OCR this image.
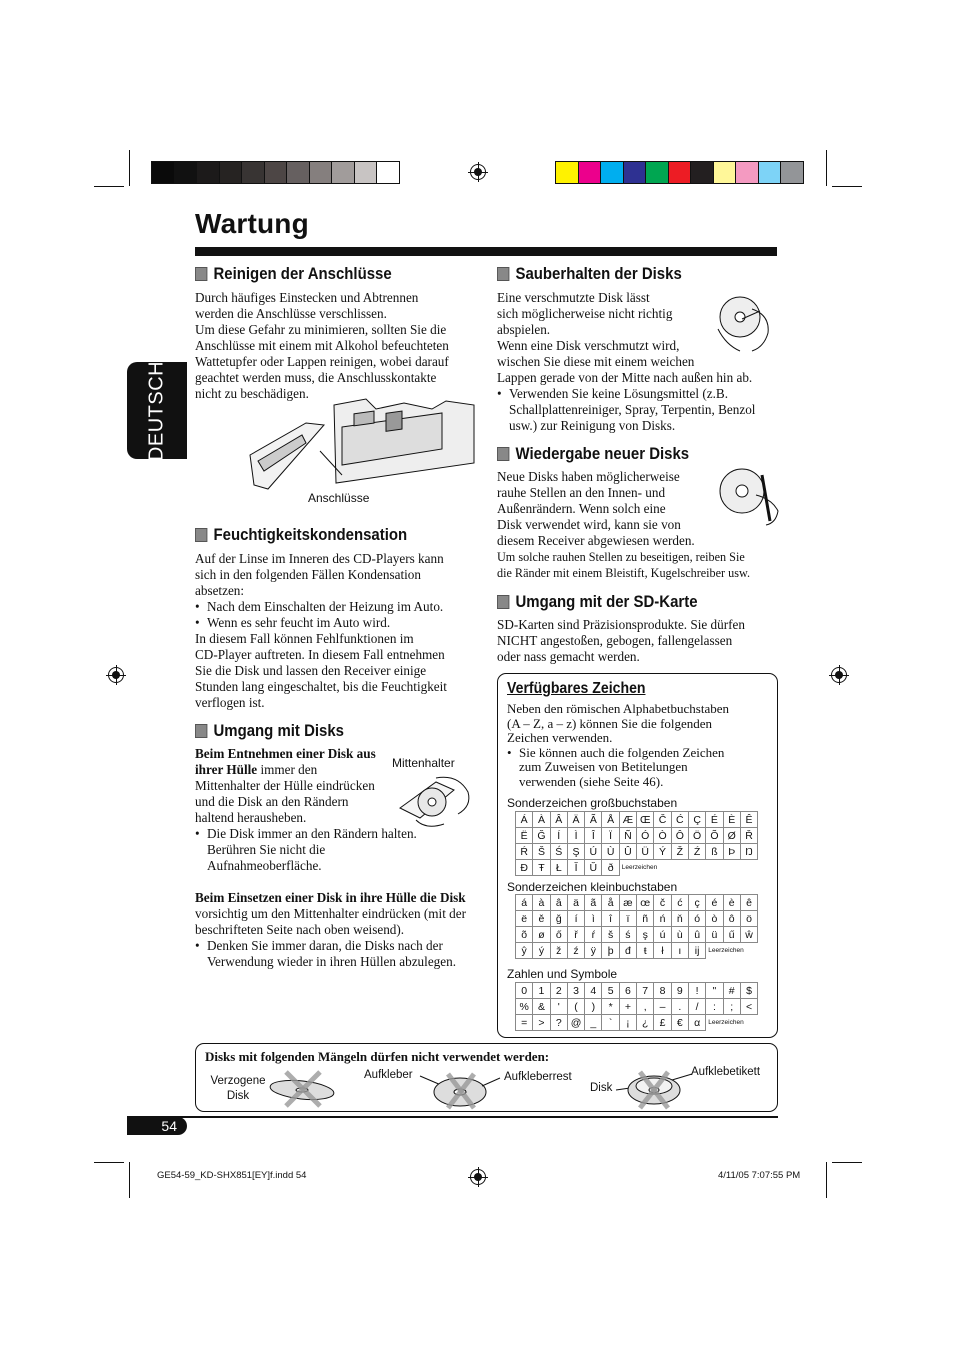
Wartung
DEUTSCH
Reinigen der Anschlüsse

Durch häufiges Einstecken und Abtrennen

werden die Anschlüsse verschlissen.

Um diese Gefahr zu minimieren, sollten Sie die

Anschlüsse mit einem mit Alkohol befeuchteten

Wattetupfer oder Lappen reinigen, wobei darauf

geachtet werden muss, die Anschlusskontakte

nicht zu beschädigen.

Anschlüsse
Feuchtigkeitskondensation

Auf der Linse im Inneren des CD-Players kann

sich in den folgenden Fällen Kondensation

absetzen:

• Nach dem Einschalten der Heizung im Auto.
• Wenn es sehr feucht im Auto wird.

In diesem Fall können Fehlfunktionen im

CD-Player auftreten. In diesem Fall entnehmen

Sie die Disk und lassen den Receiver einige

Stunden lang eingeschaltet, bis die Feuchtigkeit

verflogen ist.

Umgang mit Disks
Mittenhalter

Beim Entnehmen einer Disk aus ihrer Hülle immer den Mittenhalter der Hülle eindrücken und die Disk an den Rändern haltend herausheben.

• Die Disk immer an den Rändern halten. Berühren Sie nicht die Aufnahmeoberfläche.

Beim Einsetzen einer Disk in ihre Hülle die Disk vorsichtig um den Mittenhalter eindrücken (mit der beschrifteten Seite nach oben weisend).

• Denken Sie immer daran, die Disks nach der Verwendung wieder in ihren Hüllen abzulegen.
Sauberhalten der Disks

Eine verschmutzte Disk lässt

sich möglicherweise nicht richtig

abspielen.

Wenn eine Disk verschmutzt wird,

wischen Sie diese mit einem weichen

Lappen gerade von der Mitte nach außen hin ab.

• Verwenden Sie keine Lösungsmittel (z.B. Schallplattenreiniger, Spray, Terpentin, Benzol usw.) zur Reinigung von Disks.
Wiedergabe neuer Disks

Neue Disks haben möglicherweise

rauhe Stellen an den Innen- und

Außenrändern. Wenn solch eine

Disk verwendet wird, kann sie von

diesem Receiver abgewiesen werden.

Um solche rauhen Stellen zu beseitigen, reiben Sie

die Ränder mit einem Bleistift, Kugelschreiber usw.

Umgang mit der SD-Karte

SD-Karten sind Präzisionsprodukte. Sie dürfen

NICHT angestoßen, gebogen, fallengelassen

oder nass gemacht werden.

Verfügbares Zeichen

Neben den römischen Alphabetbuchstaben

(A – Z, a – z) können Sie die folgenden

Zeichen verwenden.

• Sie können auch die folgenden Zeichen
zum Zuweisen von Betitelungen
verwenden (siehe Seite 46).
Sonderzeichen großbuchstaben
Á	À	Â	Ä	Ã	Å	Æ	Œ	Č	Ć	Ç	É	È	Ê
Ë	Ğ	Í	Ì	Î	Ï	Ñ	Ó	Ò	Ô	Ö	Õ	Ø	Ř
Ŕ	Š	Ś	Ş	Ú	Ù	Û	Ü	Ý	Ž	Ź	ß	Þ	Ŋ
Đ	Ŧ	Ł	Ĭ	Ŭ	ð	Leerzeichen							
Sonderzeichen kleinbuchstaben
á	à	â	ä	ã	å	æ	œ	č	ć	ç	é	è	ê
ë	ě	ğ	í	ì	î	ï	ñ	ń	ň	ó	ò	ô	ö
õ	ø	ő	ř	ŕ	š	ś	ş	ú	ù	û	ü	ű	ŵ
ŷ	ý	ž	ź	ÿ	þ	đ	ŧ	ł	ı	ij	Leerzeichen		
Zahlen und Symbole
0	1	2	3	4	5	6	7	8	9	!	"	#	$
%	&	'	(	)	*	+	,	–	.	/	:	;	<
=	>	?	@	_	`	¡	¿	£	€	α	Leerzeichen		
Disks mit folgenden Mängeln dürfen nicht verwendet werden:
Verzogene Disk
Aufkleber	Aufkleberrest
Disk
Aufklebetikett
54
GE54-59_KD-SHX851[EY]f.indd 54	4/11/05 7:07:55 PM
